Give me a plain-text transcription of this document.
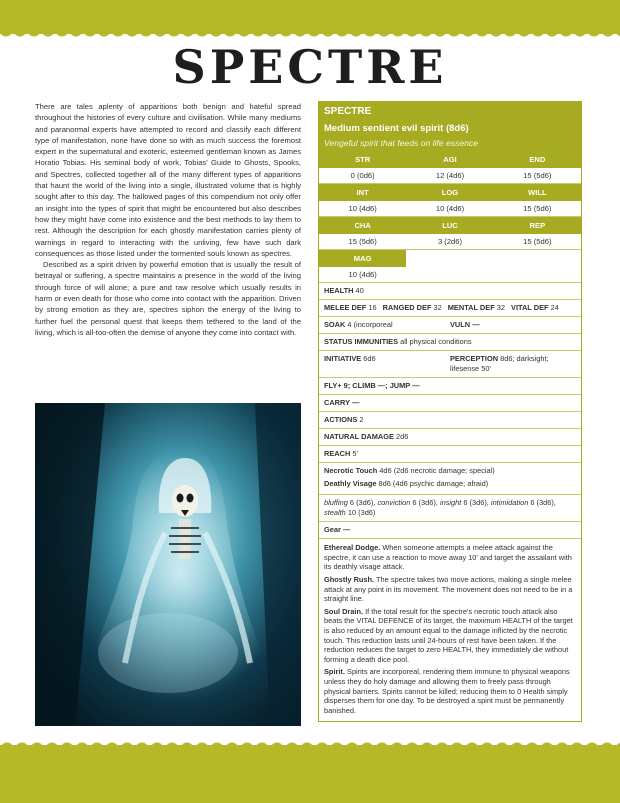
SPECTRE

There are tales aplenty of apparitions both benign and hateful spread throughout the histories of every culture and civilisation. While many mediums and paranormal experts have attempted to record and classify each different type of manifestation, none have done so with as much success the foremost expert in the supernatural and exoteric, esteemed gentleman known as James Horatio Tobias. His seminal body of work, Tobias' Guide to Ghosts, Spooks, and Spectres, collected together all of the many different types of apparitions that haunt the world of the living into a single, illustrated volume that is highly sought after to this day. The hallowed pages of this compendium not only offer an insight into the types of spirit that might be encountered but also describes how they might have come into existence and the best methods to lay them to rest. Although the description for each ghostly manifestation carries plenty of warnings in regard to interacting with the unliving, few have such dark consequences as those listed under the tormented souls known as spectres.

Described as a spirit driven by powerful emotion that is usually the result of betrayal or suffering, a spectre maintains a presence in the world of the living through force of will alone; a pure and raw resolve which usually results in harm or even death for those who come into contact with the apparition. Driven by strong emotion as they are, spectres siphon the energy of the living to further fuel the personal quest that keeps them tethered to the land of the living, which is all-too-often the demise of anyone they come into contact with.

SPECTRE
Medium sentient evil spirit (8d6)
Vengeful spirit that feeds on life essence
STR	AGI	END
0 (0d6)	12 (4d6)	15 (5d6)
INT	LOG	WILL
10 (4d6)	10 (4d6)	15 (5d6)
CHA	LUC	REP
15 (5d6)	3 (2d6)	15 (5d6)
MAG
10 (4d6)
HEALTH 40
MELEE DEF 16 RANGED DEF 32 MENTAL DEF 32 VITAL DEF 24
SOAK 4 (incorporeal	VULN —
STATUS IMMUNITIES all physical conditions
INITIATIVE 6d6	PERCEPTION 8d6; darksight; lifesense 50'
FLY+ 9; CLIMB —; JUMP —
CARRY —
ACTIONS 2
NATURAL DAMAGE 2d6
REACH 5'
Necrotic Touch 4d6 (2d6 necrotic damage; special)
Deathly Visage 8d6 (4d6 psychic damage; afraid)
bluffing 6 (3d6), conviction 6 (3d6), insight 6 (3d6), intimidation 6 (3d6), stealth 10 (3d6)
Gear —
Ethereal Dodge. When someone attempts a melee attack against the spectre, it can use a reaction to move away 10' and target the assailant with its deathly visage attack.
Ghostly Rush. The spectre takes two move actions, making a single melee attack at any point in its movement. The movement does not need to be in a straight line.
Soul Drain. If the total result for the spectre's necrotic touch attack also beats the VITAL DEFENCE of its target, the maximum HEALTH of the target is also reduced by an amount equal to the damage inflicted by the necrotic touch. This reduction lasts until 24-hours of rest have been taken. If the reduction reduces the target to zero HEALTH, they immediately die without forming a death dice pool.
Spirit. Spirits are incorporeal, rendering them immune to physical weapons unless they do holy damage and allowing them to freely pass through physical barriers. Spirits cannot be killed; reducing them to 0 Health simply disperses them for one day. To be destroyed a spirit must be permanently banished.
